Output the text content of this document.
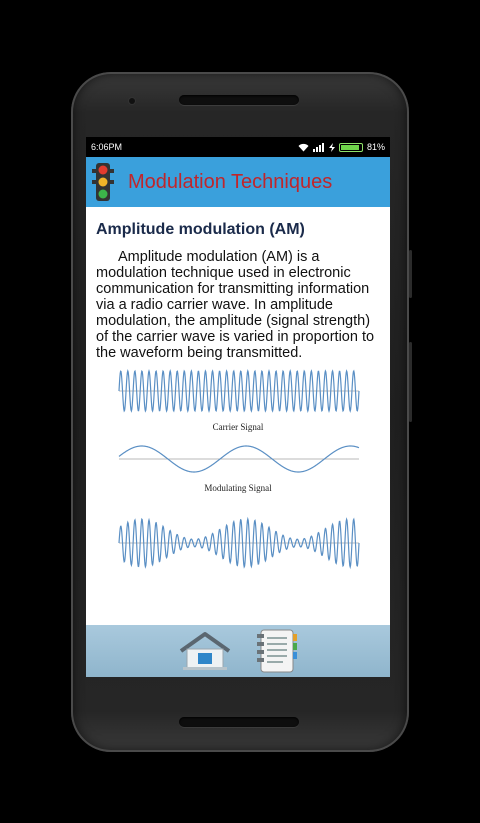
6:06PM	81%
Modulation Techniques
Amplitude modulation (AM)

Amplitude modulation (AM) is a modulation technique used in electronic communication for transmitting information via a radio carrier wave. In amplitude modulation, the amplitude (signal strength) of the carrier wave is varied in proportion to the waveform being transmitted.

Carrier Signal
Modulating Signal
